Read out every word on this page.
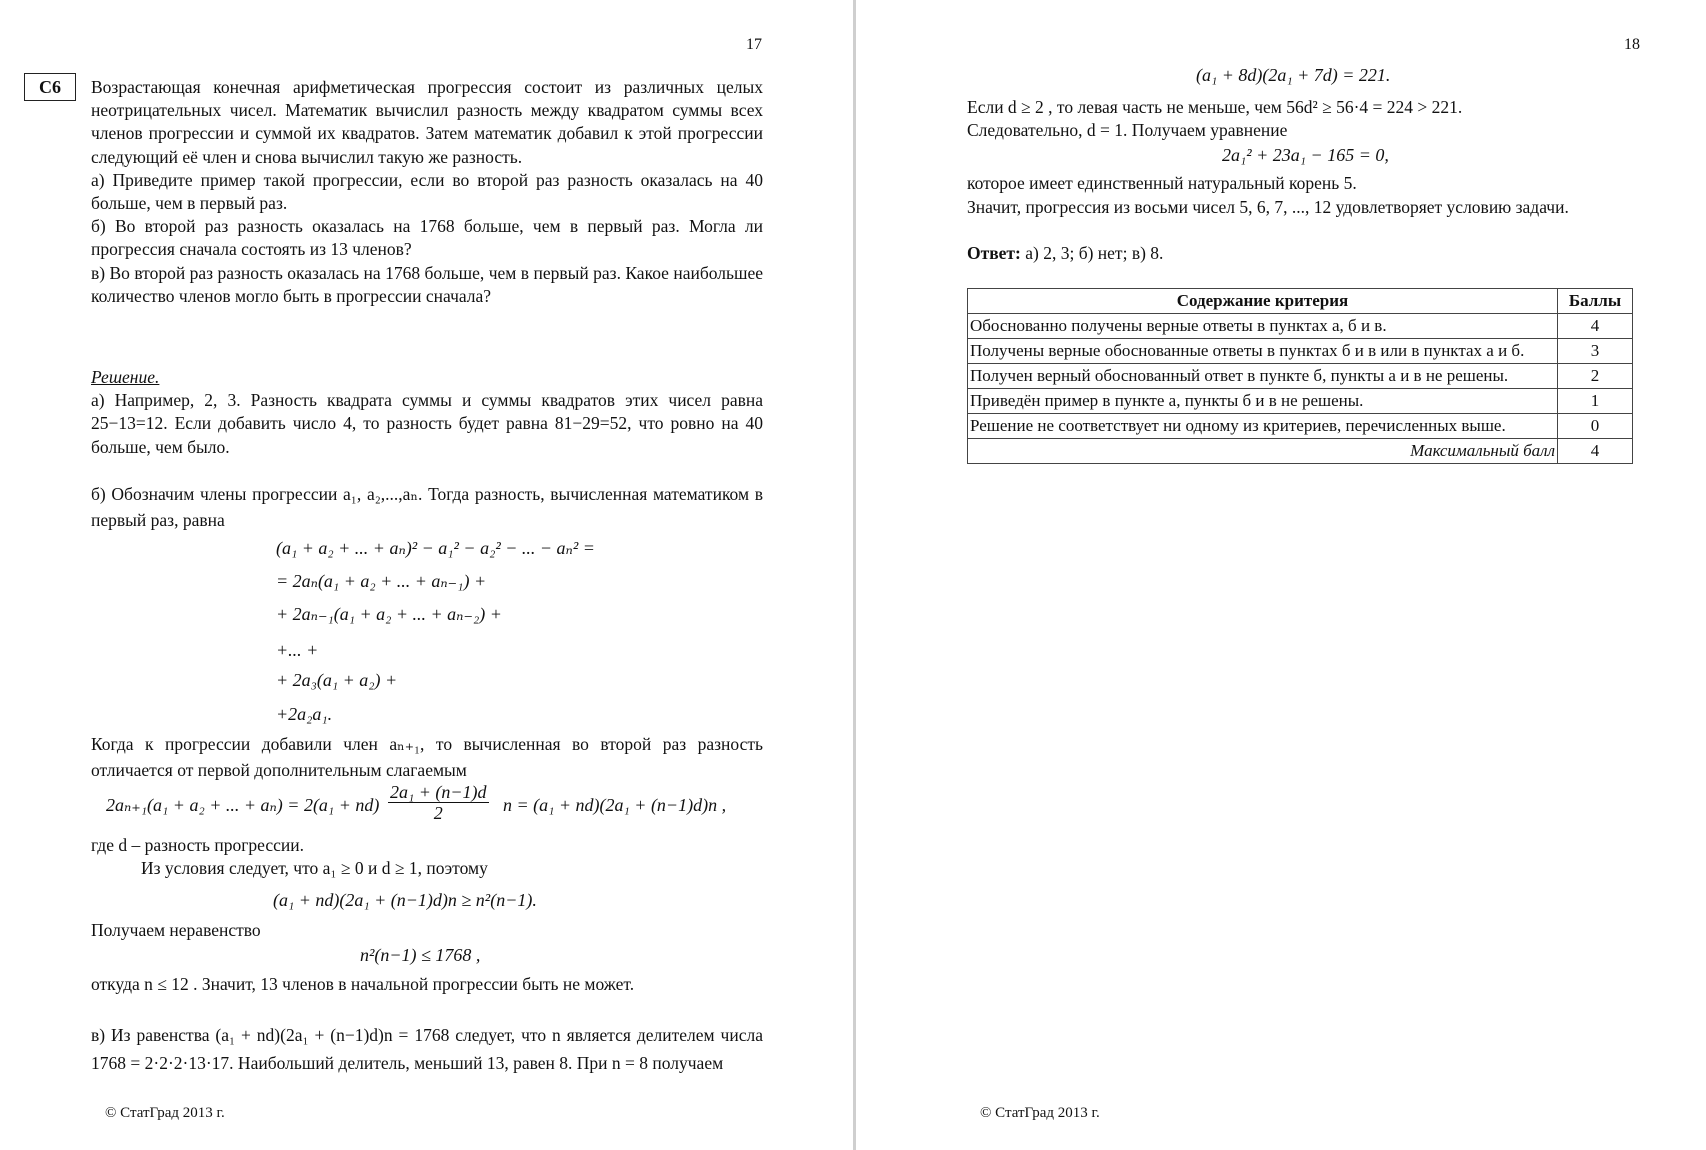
17
С6	Возрастающая конечная арифметическая прогрессия состоит из различных целых неотрицательных чисел. Математик вычислил разность между квадратом суммы всех членов прогрессии и суммой их квадратов. Затем математик добавил к этой прогрессии следующий её член и снова вычислил такую же разность.

а) Приведите пример такой прогрессии, если во второй раз разность оказалась на 40 больше, чем в первый раз.

б) Во второй раз разность оказалась на 1768 больше, чем в первый раз. Могла ли прогрессия сначала состоять из 13 членов?

в) Во второй раз разность оказалась на 1768 больше, чем в первый раз. Какое наибольшее количество членов могло быть в прогрессии сначала?

Решение.

а) Например, 2, 3. Разность квадрата суммы и суммы квадратов этих чисел равна 25−13=12. Если добавить число 4, то разность будет равна 81−29=52, что ровно на 40 больше, чем было.

б) Обозначим члены прогрессии a₁, a₂,...,aₙ. Тогда разность, вычисленная математиком в первый раз, равна
(a₁ + a₂ + ... + aₙ)² − a₁² − a₂² − ... − aₙ² =
= 2aₙ(a₁ + a₂ + ... + aₙ₋₁) +
+ 2aₙ₋₁(a₁ + a₂ + ... + aₙ₋₂) +
+... +
+ 2a₃(a₁ + a₂) +
+2a₂a₁.
Когда к прогрессии добавили член aₙ₊₁, то вычисленная во второй раз разность отличается от первой дополнительным слагаемым
2aₙ₊₁(a₁ + a₂ + ... + $a_n) = 2(a_1 + nd) \frac{\text{2a₁ + (n−1)d}}{2}$ n = (a₁ + nd)(2a₁ + (n−1)d)n ,
где d – разность прогрессии.
Из условия следует, что a₁ ≥ 0 и d ≥ 1, поэтому
(a₁ + nd)(2a₁ + (n−1)d)n ≥ n²(n−1).
Получаем неравенство
n²(n−1) ≤ 1768 ,
откуда n ≤ 12 . Значит, 13 членов в начальной прогрессии быть не может.
в) Из равенства (a₁ + nd)(2a₁ + (n−1)d)n = 1768 следует, что n является делителем числа 1768 = 2·2·2·13·17. Наибольший делитель, меньший 13, равен 8. При n = 8 получаем
© СтатГрад 2013 г.
18
(a₁ + 8d)(2a₁ + 7d) = 221.
Если d ≥ 2 , то левая часть не меньше, чем 56d² ≥ 56·4 = 224 > 221.
Следовательно, d = 1. Получаем уравнение
2a₁² + 23a₁ − 165 = 0,
которое имеет единственный натуральный корень 5.
Значит, прогрессия из восьми чисел 5, 6, 7, ..., 12 удовлетворяет условию задачи.
Ответ: а) 2, 3; б) нет; в) 8.
© СтатГрад 2013 г.
Содержание критерия	Баллы
Обоснованно получены верные ответы в пунктах а, б и в.	4
Получены верные обоснованные ответы в пунктах б и в или в пунктах а и б.	3
Получен верный обоснованный ответ в пункте б, пункты а и в не решены.	2
Приведён пример в пункте а, пункты б и в не решены.	1
Решение не соответствует ни одному из критериев, перечисленных выше.	0
Максимальный балл	4
